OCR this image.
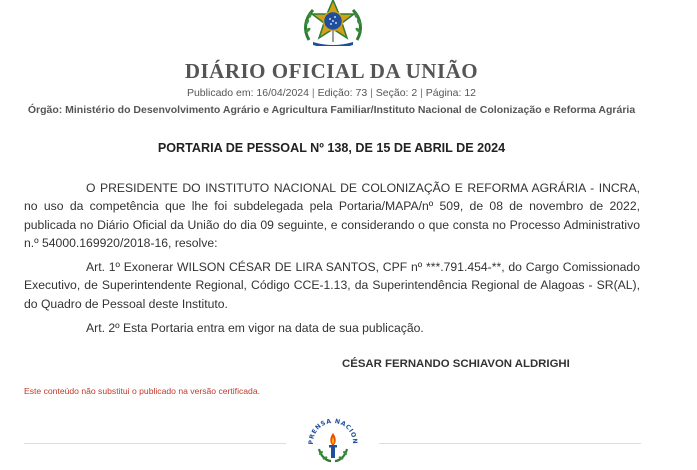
DIÁRIO OFICIAL DA UNIÃO
Publicado em: 16/04/2024 | Edição: 73 | Seção: 2 | Página: 12
Órgão: Ministério do Desenvolvimento Agrário e Agricultura Familiar/Instituto Nacional de Colonização e Reforma Agrária
PORTARIA DE PESSOAL Nº 138, DE 15 DE ABRIL DE 2024

O PRESIDENTE DO INSTITUTO NACIONAL DE COLONIZAÇÃO E REFORMA AGRÁRIA - INCRA, no uso da competência que lhe foi subdelegada pela Portaria/MAPA/nº 509, de 08 de novembro de 2022, publicada no Diário Oficial da União do dia 09 seguinte, e considerando o que consta no Processo Administrativo n.º 54000.169920/2018-16, resolve:

Art. 1º Exonerar WILSON CÉSAR DE LIRA SANTOS, CPF nº ***.791.454-**, do Cargo Comissionado Executivo, de Superintendente Regional, Código CCE-1.13, da Superintendência Regional de Alagoas - SR(AL), do Quadro de Pessoal deste Instituto.

Art. 2º Esta Portaria entra em vigor na data de sua publicação.

CÉSAR FERNANDO SCHIAVON ALDRIGHI
Este conteúdo não substitui o publicado na versão certificada.
PRENSA NACION
